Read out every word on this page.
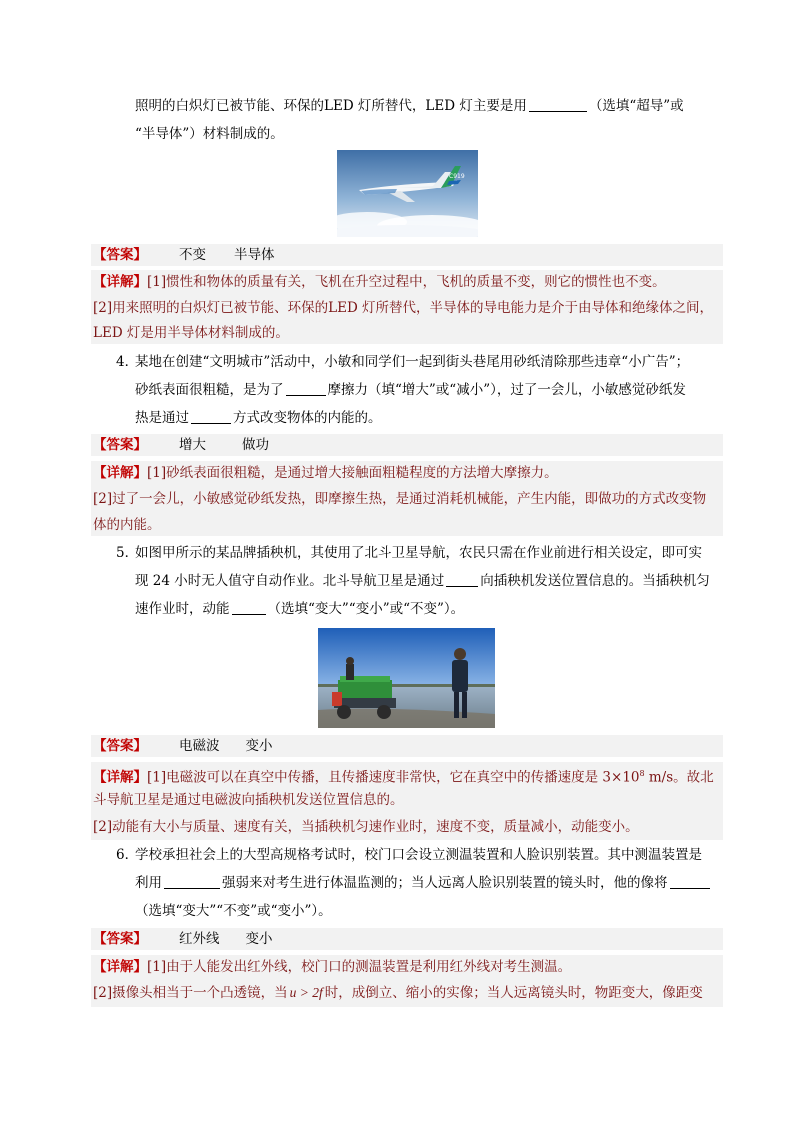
照明的白炽灯已被节能、环保的LED 灯所替代，LED 灯主要是用	（选填“超导”或
“半导体”）材料制成的。
C919
【答案】 不变 半导体
【详解】[1]惯性和物体的质量有关，飞机在升空过程中，飞机的质量不变，则它的惯性也不变。
[2]用来照明的白炽灯已被节能、环保的LED 灯所替代，半导体的导电能力是介于由导体和绝缘体之间，
LED 灯是用半导体材料制成的。
4．
某地在创建“文明城市”活动中，小敏和同学们一起到街头巷尾用砂纸清除那些违章“小广告”；
砂纸表面很粗糙，是为了	摩擦力（填“增大”或“减小”），过了一会儿，小敏感觉砂纸发
热是通过	方式改变物体的内能的。
【答案】 增大	做功
【详解】[1]砂纸表面很粗糙，是通过增大接触面粗糙程度的方法增大摩擦力。
[2]过了一会儿，小敏感觉砂纸发热，即摩擦生热，是通过消耗机械能，产生内能，即做功的方式改变物
体的内能。
5．
如图甲所示的某品牌插秧机，其使用了北斗卫星导航，农民只需在作业前进行相关设定，即可实
现 24 小时无人值守自动作业。北斗导航卫星是通过	向插秧机发送位置信息的。当插秧机匀
速作业时，动能	（选填“变大”“变小”或“不变”）。
【答案】 电磁波 变小
【详解】[1]电磁波可以在真空中传播，且传播速度非常快，它在真空中的传播速度是 $3\times 10^8$ m/s。故北
斗导航卫星是通过电磁波向插秧机发送位置信息的。
[2]动能有大小与质量、速度有关，当插秧机匀速作业时，速度不变，质量减小，动能变小。
6．
学校承担社会上的大型高规格考试时，校门口会设立测温装置和人脸识别装置。其中测温装置是
利用	强弱来对考生进行体温监测的；当人远离人脸识别装置的镜头时，他的像将
（选填“变大”“不变”或“变小”）。
【答案】 红外线 变小
【详解】[1]由于人能发出红外线，校门口的测温装置是利用红外线对考生测温。
[2]摄像头相当于一个凸透镜，当 u > 2f 时，成倒立、缩小的实像；当人远离镜头时，物距变大，像距变
